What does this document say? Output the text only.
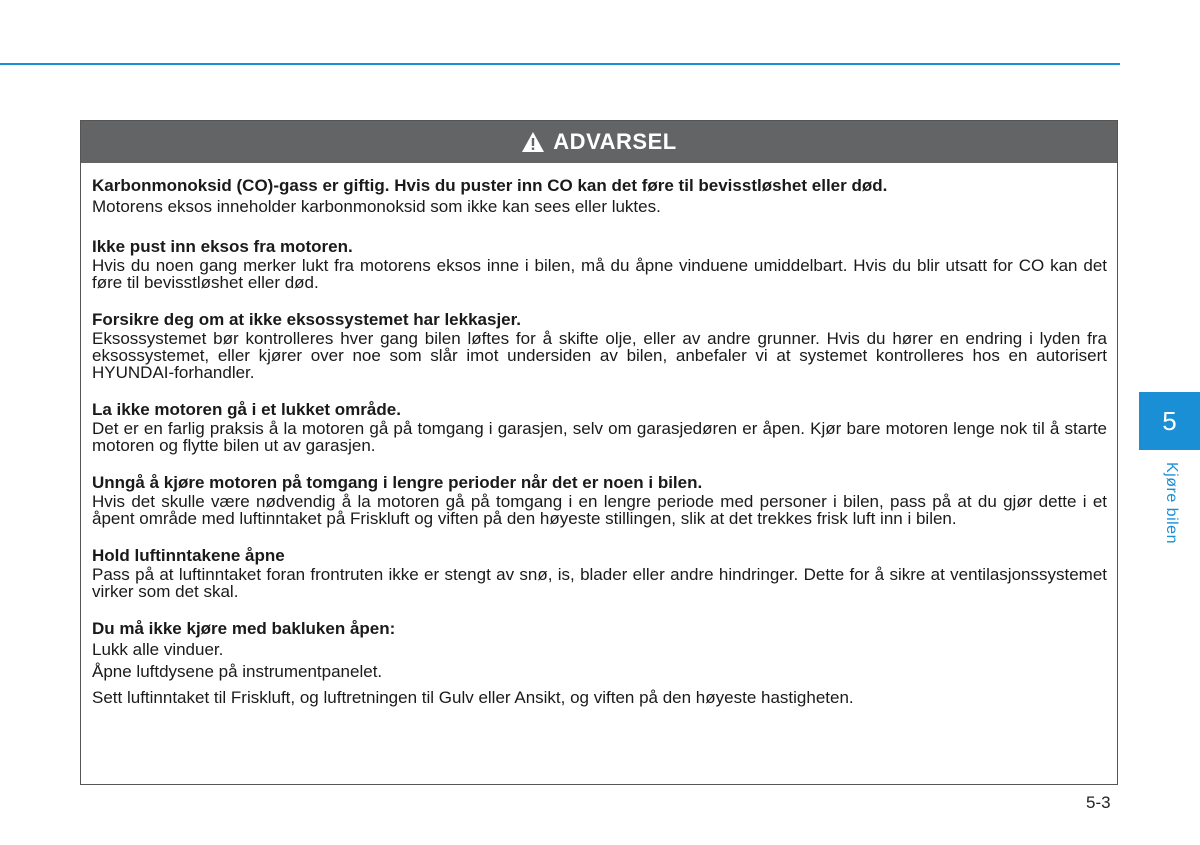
ADVARSEL

Karbonmonoksid (CO)-gass er giftig. Hvis du puster inn CO kan det føre til bevisstløshet eller død.

Motorens eksos inneholder karbonmonoksid som ikke kan sees eller luktes.

Ikke pust inn eksos fra motoren.

Hvis du noen gang merker lukt fra motorens eksos inne i bilen, må du åpne vinduene umiddelbart. Hvis du blir utsatt for CO kan det føre til bevisstløshet eller død.

Forsikre deg om at ikke eksossystemet har lekkasjer.

Eksossystemet bør kontrolleres hver gang bilen løftes for å skifte olje, eller av andre grunner. Hvis du hører en endring i lyden fra eksossystemet, eller kjører over noe som slår imot undersiden av bilen, anbefaler vi at systemet kontrolleres hos en autorisert HYUNDAI-forhandler.

La ikke motoren gå i et lukket område.

Det er en farlig praksis å la motoren gå på tomgang i garasjen, selv om garasjedøren er åpen. Kjør bare motoren lenge nok til å starte motoren og flytte bilen ut av garasjen.

Unngå å kjøre motoren på tomgang i lengre perioder når det er noen i bilen.

Hvis det skulle være nødvendig å la motoren gå på tomgang i en lengre periode med personer i bilen, pass på at du gjør dette i et åpent område med luftinntaket på Friskluft og viften på den høyeste stillingen, slik at det trekkes frisk luft inn i bilen.

Hold luftinntakene åpne

Pass på at luftinntaket foran frontruten ikke er stengt av snø, is, blader eller andre hindringer. Dette for å sikre at ventilasjonssystemet virker som det skal.

Du må ikke kjøre med bakluken åpen:

Lukk alle vinduer.

Åpne luftdysene på instrumentpanelet.

Sett luftinntaket til Friskluft, og luftretningen til Gulv eller Ansikt, og viften på den høyeste hastigheten.

5
Kjøre bilen
5-3
